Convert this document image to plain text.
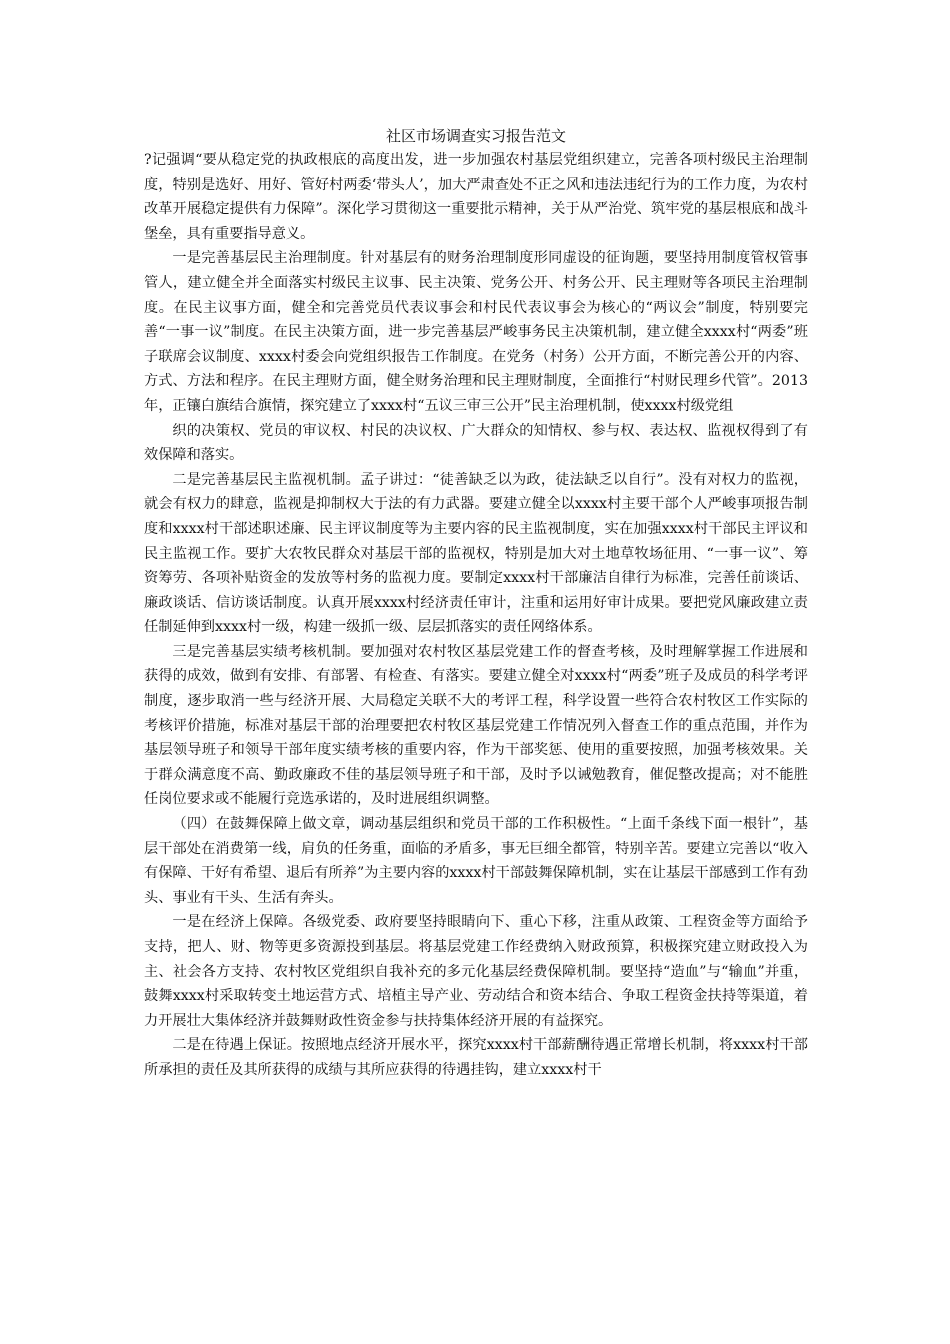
社区市场调查实习报告范文

?记强调“要从稳定党的执政根底的高度出发，进一步加强农村基层党组织建立，完善各项村级民主治理制度，特别是选好、用好、管好村两委‘带头人’，加大严肃查处不正之风和违法违纪行为的工作力度，为农村改革开展稳定提供有力保障”。深化学习贯彻这一重要批示精神，关于从严治党、筑牢党的基层根底和战斗堡垒，具有重要指导意义。

一是完善基层民主治理制度。针对基层有的财务治理制度形同虚设的征询题，要坚持用制度管权管事管人，建立健全并全面落实村级民主议事、民主决策、党务公开、村务公开、民主理财等各项民主治理制度。在民主议事方面，健全和完善党员代表议事会和村民代表议事会为核心的“两议会”制度，特别要完善“一事一议”制度。在民主决策方面，进一步完善基层严峻事务民主决策机制，建立健全xxxx村“两委”班子联席会议制度、xxxx村委会向党组织报告工作制度。在党务（村务）公开方面，不断完善公开的内容、方式、方法和程序。在民主理财方面，健全财务治理和民主理财制度，全面推行“村财民理乡代管”。2013年，正镶白旗结合旗情，探究建立了xxxx村“五议三审三公开”民主治理机制，使xxxx村级党组

织的决策权、党员的审议权、村民的决议权、广大群众的知情权、参与权、表达权、监视权得到了有效保障和落实。

二是完善基层民主监视机制。孟子讲过：“徒善缺乏以为政，徒法缺乏以自行”。没有对权力的监视，就会有权力的肆意，监视是抑制权大于法的有力武器。要建立健全以xxxx村主要干部个人严峻事项报告制度和xxxx村干部述职述廉、民主评议制度等为主要内容的民主监视制度，实在加强xxxx村干部民主评议和民主监视工作。要扩大农牧民群众对基层干部的监视权，特别是加大对土地草牧场征用、“一事一议”、筹资筹劳、各项补贴资金的发放等村务的监视力度。要制定xxxx村干部廉洁自律行为标准，完善任前谈话、廉政谈话、信访谈话制度。认真开展xxxx村经济责任审计，注重和运用好审计成果。要把党风廉政建立责任制延伸到xxxx村一级，构建一级抓一级、层层抓落实的责任网络体系。

三是完善基层实绩考核机制。要加强对农村牧区基层党建工作的督查考核，及时理解掌握工作进展和获得的成效，做到有安排、有部署、有检查、有落实。要建立健全对xxxx村“两委”班子及成员的科学考评制度，逐步取消一些与经济开展、大局稳定关联不大的考评工程，科学设置一些符合农村牧区工作实际的考核评价措施，标准对基层干部的治理要把农村牧区基层党建工作情况列入督查工作的重点范围，并作为基层领导班子和领导干部年度实绩考核的重要内容，作为干部奖惩、使用的重要按照，加强考核效果。关于群众满意度不高、勤政廉政不佳的基层领导班子和干部，及时予以诫勉教育，催促整改提高；对不能胜任岗位要求或不能履行竞选承诺的，及时进展组织调整。

（四）在鼓舞保障上做文章，调动基层组织和党员干部的工作积极性。“上面千条线下面一根针”，基层干部处在消费第一线，肩负的任务重，面临的矛盾多，事无巨细全都管，特别辛苦。要建立完善以“收入有保障、干好有希望、退后有所养”为主要内容的xxxx村干部鼓舞保障机制，实在让基层干部感到工作有劲头、事业有干头、生活有奔头。

一是在经济上保障。各级党委、政府要坚持眼睛向下、重心下移，注重从政策、工程资金等方面给予支持，把人、财、物等更多资源投到基层。将基层党建工作经费纳入财政预算，积极探究建立财政投入为主、社会各方支持、农村牧区党组织自我补充的多元化基层经费保障机制。要坚持“造血”与“输血”并重，鼓舞xxxx村采取转变土地运营方式、培植主导产业、劳动结合和资本结合、争取工程资金扶持等渠道，着力开展壮大集体经济并鼓舞财政性资金参与扶持集体经济开展的有益探究。

二是在待遇上保证。按照地点经济开展水平，探究xxxx村干部薪酬待遇正常增长机制，将xxxx村干部所承担的责任及其所获得的成绩与其所应获得的待遇挂钩，建立xxxx村干
